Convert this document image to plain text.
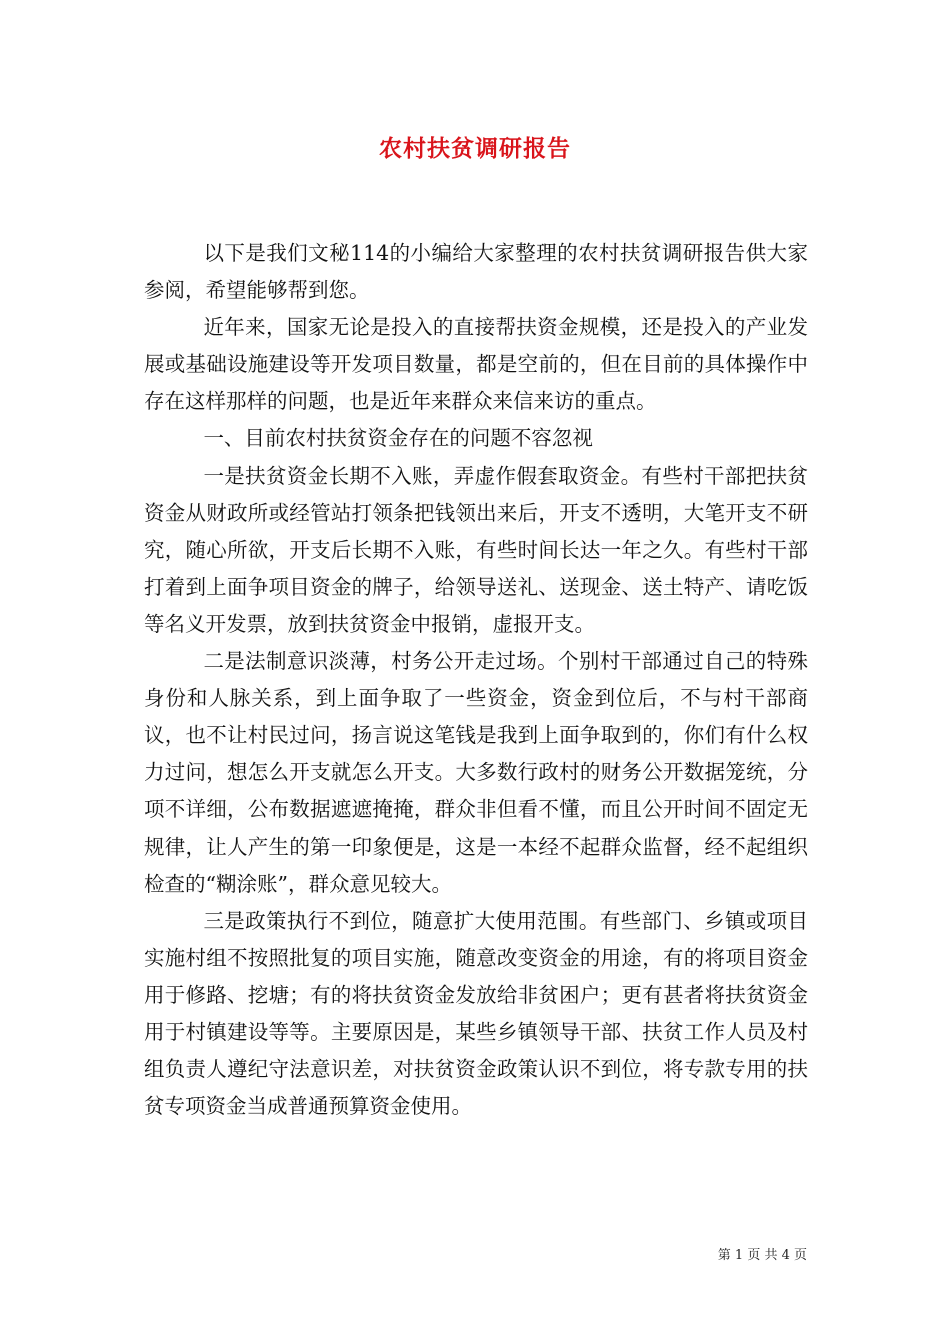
农村扶贫调研报告

以下是我们文秘114的小编给大家整理的农村扶贫调研报告供大家参阅，希望能够帮到您。

近年来，国家无论是投入的直接帮扶资金规模，还是投入的产业发展或基础设施建设等开发项目数量，都是空前的，但在目前的具体操作中存在这样那样的问题，也是近年来群众来信来访的重点。

一、目前农村扶贫资金存在的问题不容忽视

一是扶贫资金长期不入账，弄虚作假套取资金。有些村干部把扶贫资金从财政所或经管站打领条把钱领出来后，开支不透明，大笔开支不研究，随心所欲，开支后长期不入账，有些时间长达一年之久。有些村干部打着到上面争项目资金的牌子，给领导送礼、送现金、送土特产、请吃饭等名义开发票，放到扶贫资金中报销，虚报开支。

二是法制意识淡薄，村务公开走过场。个别村干部通过自己的特殊身份和人脉关系，到上面争取了一些资金，资金到位后，不与村干部商议，也不让村民过问，扬言说这笔钱是我到上面争取到的，你们有什么权力过问，想怎么开支就怎么开支。大多数行政村的财务公开数据笼统，分项不详细，公布数据遮遮掩掩，群众非但看不懂，而且公开时间不固定无规律，让人产生的第一印象便是，这是一本经不起群众监督，经不起组织检查的“糊涂账”，群众意见较大。

三是政策执行不到位，随意扩大使用范围。有些部门、乡镇或项目实施村组不按照批复的项目实施，随意改变资金的用途，有的将项目资金用于修路、挖塘；有的将扶贫资金发放给非贫困户；更有甚者将扶贫资金用于村镇建设等等。主要原因是，某些乡镇领导干部、扶贫工作人员及村组负责人遵纪守法意识差，对扶贫资金政策认识不到位，将专款专用的扶贫专项资金当成普通预算资金使用。

第 1 页 共 4 页
